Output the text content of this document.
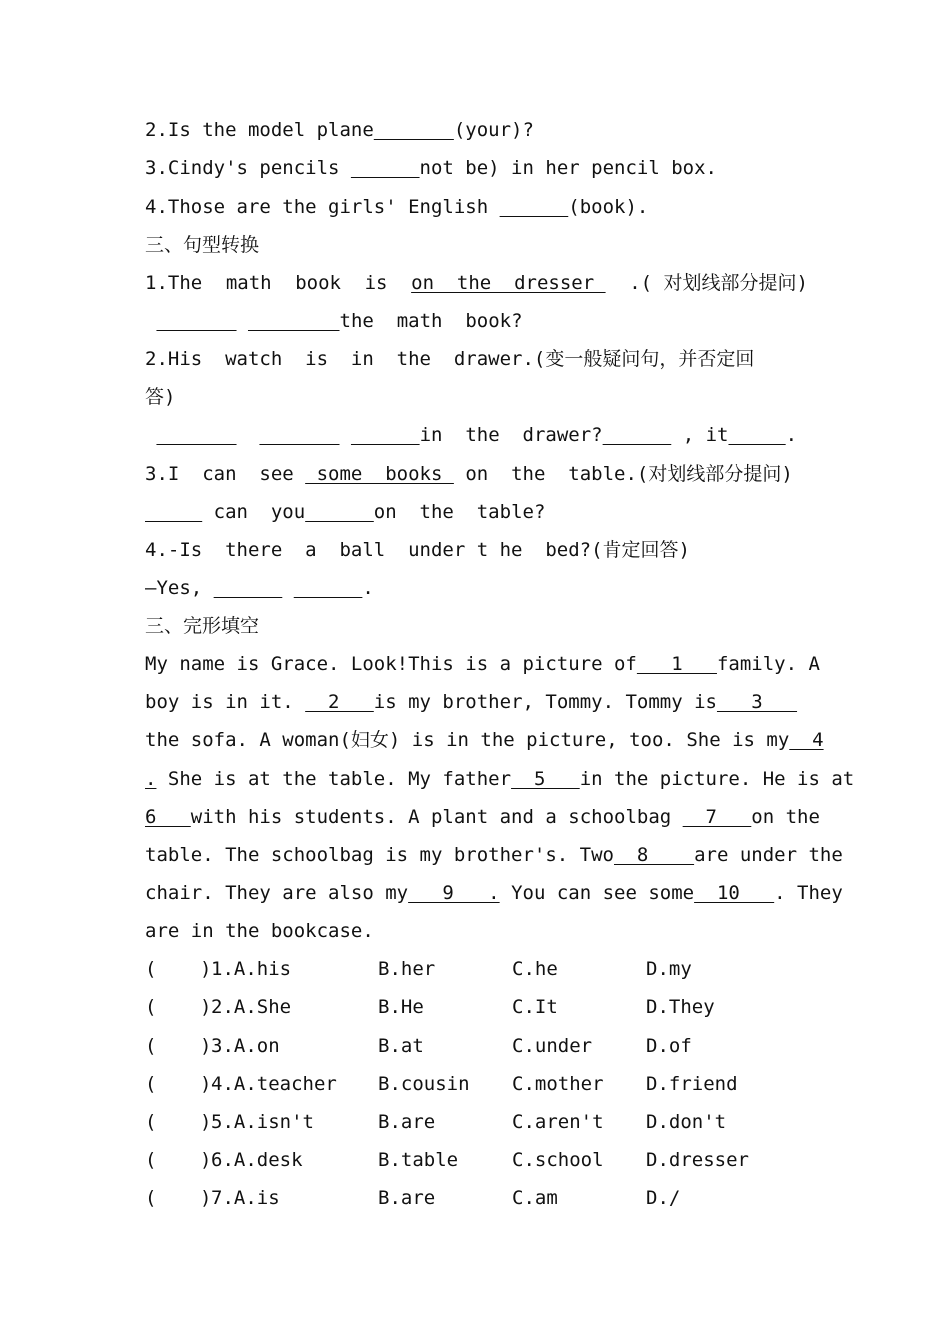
2.Is the model plane	(your)?
3.Cindy's pencils	not be) in her pencil box.
4.Those are the girls' English	(book).
三、句型转换
1.The math book is on  the  dresser .( 对划线部分提问)
the  math  book?
2.His  watch  is  in  the  drawer.(变一般疑问句，并否定回
答)
in  the  drawer?	, it	.
3.I  can  see  some  books  on  the  table.(对划线部分提问)
can  you	on  the  table?
4.-Is  there  a  ball  under t he  bed?(肯定回答)
–Yes,	.
三、完形填空
My name is Grace. Look!This is a picture of   1   family. A
boy is in it.   2   is my brother, Tommy. Tommy is   3
the sofa. A woman(妇女) is in the picture, too. She is my  4
. She is at the table. My father  5   in the picture. He is at
6   with his students. A plant and a schoolbag   7   on the
table. The schoolbag is my brother's. Two  8    are under the
chair. They are also my   9   . You can see some  10   . They
are in the bookcase.
( ) 1.A.his	B.her	C.he	D.my
( ) 2.A.She	B.He	C.It	D.They
( ) 3.A.on	B.at	C.under	D.of
( ) 4.A.teacher B.cousin C.mother D.friend
( ) 5.A.isn't	B.are	C.aren't D.don't
( ) 6.A.desk	B.table	C.school D.dresser
( ) 7.A.is	B.are	C.am	D./
